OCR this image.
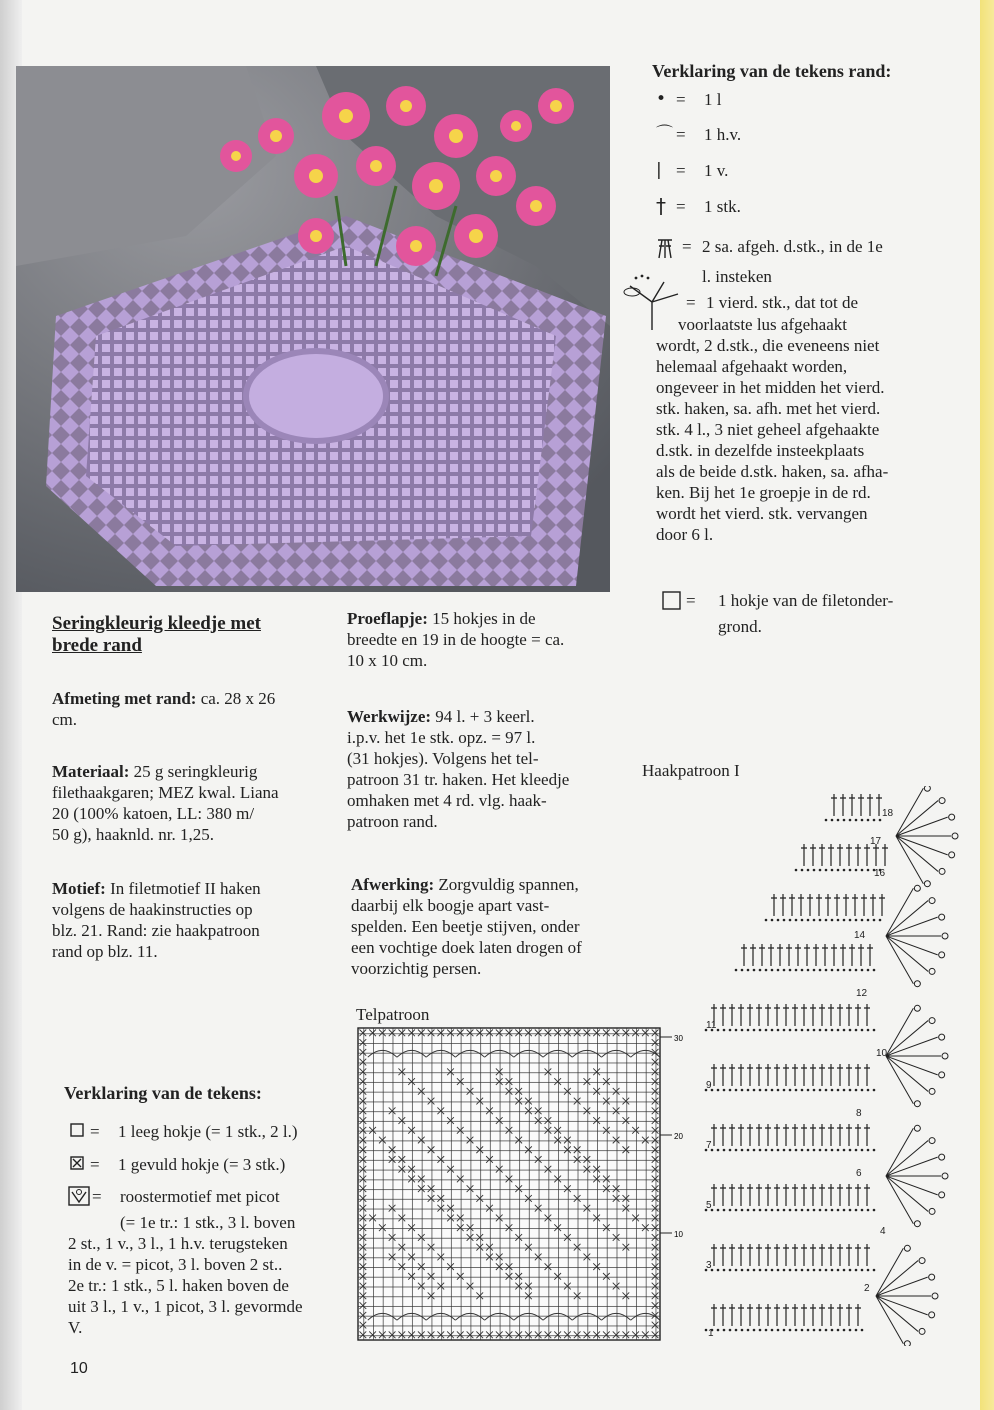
Seringkleurig kleedje met
brede rand
Afmeting met rand: ca. 28 x 26
cm.
Materiaal: 25 g seringkleurig
filethaakgaren; MEZ kwal. Liana
20 (100% katoen, LL: 380 m/
50 g), haaknld. nr. 1,25.
Motief: In filetmotief II haken
volgens de haakinstructies op
blz. 21. Rand: zie haakpatroon
rand op blz. 11.
Proeflapje: 15 hokjes in de
breedte en 19 in de hoogte = ca.
10 x 10 cm.
Werkwijze: 94 l. + 3 keerl.
i.p.v. het 1e stk. opz. = 97 l.
(31 hokjes). Volgens het tel-
patroon 31 tr. haken. Het kleedje
omhaken met 4 rd. vlg. haak-
patroon rand.
Afwerking: Zorgvuldig spannen,
daarbij elk boogje apart vast-
spelden. Een beetje stijven, onder
een vochtige doek laten drogen of
voorzichtig persen.
Verklaring van de tekens:
=	1 leeg hokje (= 1 stk., 2 l.)
=	1 gevuld hokje (= 3 stk.)
=	roostermotief met picot
(= 1e tr.: 1 stk., 3 l. boven
2 st., 1 v., 3 l., 1 h.v. terugsteken
in de v. = picot, 3 l. boven 2 st..
2e tr.: 1 stk., 5 l. haken boven de
uit 3 l., 1 v., 1 picot, 3 l. gevormde
V.
Verklaring van de tekens rand:
• =	1 l
⌒ =	1 h.v.
| =	1 v.
† =	1 stk.
= 2 sa. afgeh. d.stk., in de 1e
l. insteken
= 1 vierd. stk., dat tot de
voorlaatste lus afgehaakt
wordt, 2 d.stk., die eveneens niet
helemaal afgehaakt worden,
ongeveer in het midden het vierd.
stk. haken, sa. afh. met het vierd.
stk. 4 l., 3 niet geheel afgehaakte
d.stk. in dezelfde insteekplaats
als de beide d.stk. haken, sa. afha-
ken. Bij het 1e groepje in de rd.
wordt het vierd. stk. vervangen
door 6 l.
=	1 hokje van de filetonder-
grond.
Telpatroon
30
20
10
Haakpatroon I
1
2
3
4
5
6
7
8
9
10
11
12
14
16
17
18
10
